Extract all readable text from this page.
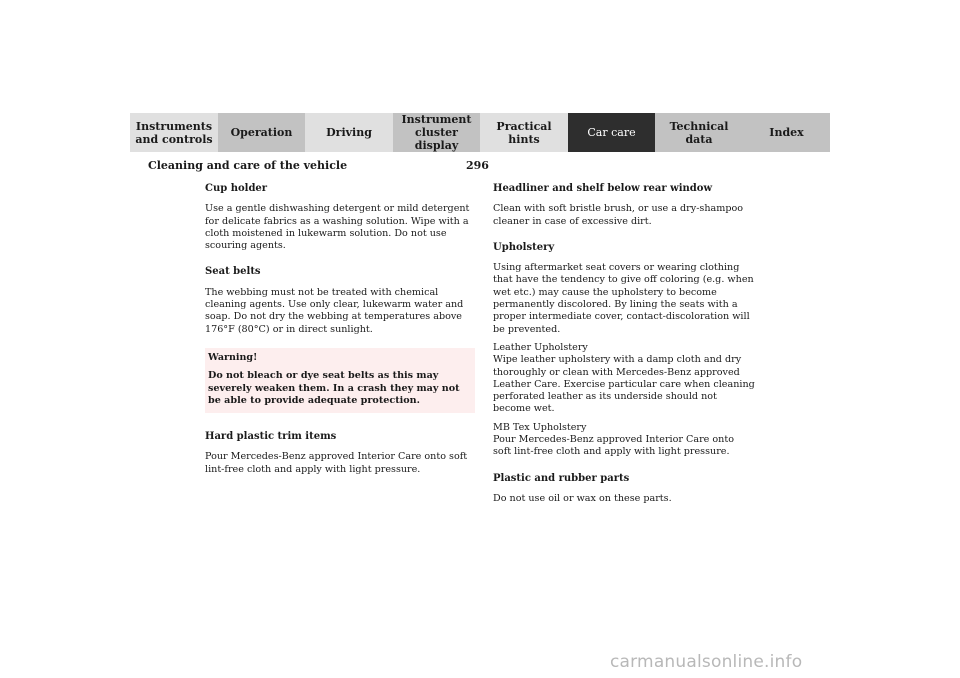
Instruments
and controls Operation	Driving
Instrument
cluster display
Practical hints	Car care	Technical
data	Index
Cleaning and care of the vehicle	296
Cup holder

Use a gentle dishwashing detergent or mild detergent for delicate fabrics as a washing solution. Wipe with a cloth moistened in lukewarm solution. Do not use scouring agents.

Seat belts

The webbing must not be treated with chemical cleaning agents. Use only clear, lukewarm water and soap. Do not dry the webbing at temperatures above 176°F (80°C) or in direct sunlight.

Warning!
Do not bleach or dye seat belts as this may severely weaken them. In a crash they may not be able to provide adequate protection.
Hard plastic trim items

Pour Mercedes-Benz approved Interior Care onto soft lint-free cloth and apply with light pressure.

Headliner and shelf below rear window

Clean with soft bristle brush, or use a dry-shampoo cleaner in case of excessive dirt.

Upholstery

Using aftermarket seat covers or wearing clothing that have the tendency to give off coloring (e.g. when wet etc.) may cause the upholstery to become permanently discolored. By lining the seats with a proper intermediate cover, contact-discoloration will be prevented.

Leather Upholstery

Wipe leather upholstery with a damp cloth and dry thoroughly or clean with Mercedes-Benz approved Leather Care. Exercise particular care when cleaning perforated leather as its underside should not become wet.

MB Tex Upholstery

Pour Mercedes-Benz approved Interior Care onto soft lint-free cloth and apply with light pressure.

Plastic and rubber parts

Do not use oil or wax on these parts.

carmanualsonline.info
